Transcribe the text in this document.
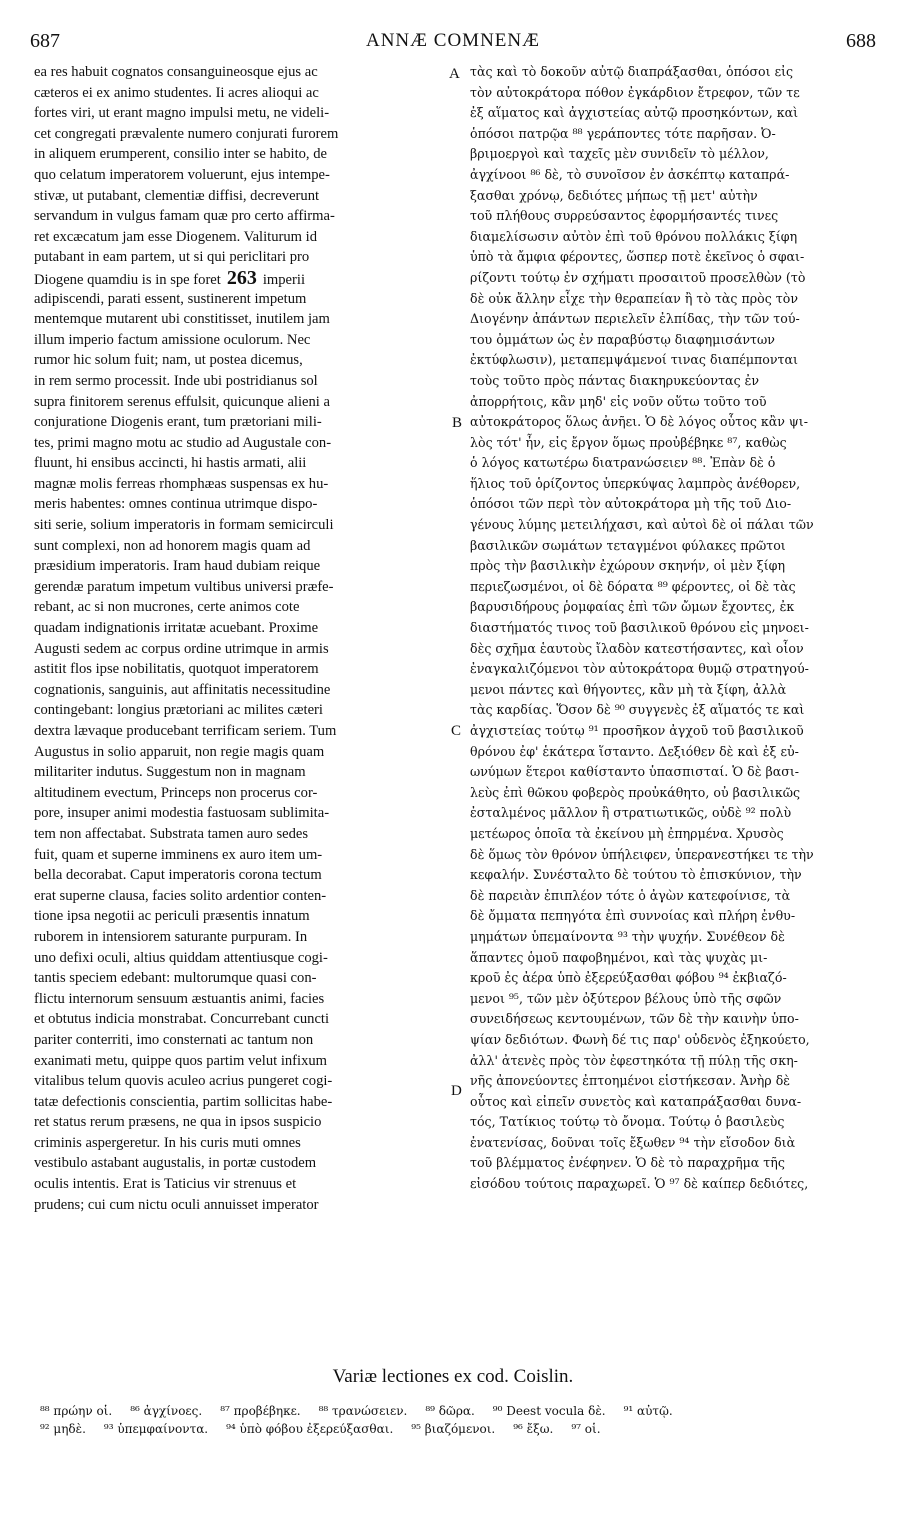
687	ANNÆ COMNENÆ	688
ea res habuit cognatos consanguineosque ejus ac
cæteros ei ex animo studentes. Ii acres alioqui ac
fortes viri, ut erant magno impulsi metu, ne videli-
cet congregati prævalente numero conjurati furorem
in aliquem erumperent, consilio inter se habito, de
quo celatum imperatorem voluerunt, ejus intempe-
stivæ, ut putabant, clementiæ diffisi, decreverunt
servandum in vulgus famam quæ pro certo affirma-
ret excæcatum jam esse Diogenem. Valiturum id
putabant in eam partem, ut si qui periclitari pro
Diogene quamdiu is in spe foret 263 imperii
adipiscendi, parati essent, sustinerent impetum
mentemque mutarent ubi constitisset, inutilem jam
illum imperio factum amissione oculorum. Nec
rumor hic solum fuit; nam, ut postea dicemus,
in rem sermo processit. Inde ubi postridianus sol
supra finitorem serenus effulsit, quicunque alieni a
conjuratione Diogenis erant, tum prætoriani mili-
tes, primi magno motu ac studio ad Augustale con-
fluunt, hi ensibus accincti, hi hastis armati, alii
magnæ molis ferreas rhomphæas suspensas ex hu-
meris habentes: omnes continua utrimque dispo-
siti serie, solium imperatoris in formam semicirculi
sunt complexi, non ad honorem magis quam ad
præsidium imperatoris. Iram haud dubiam reique
gerendæ paratum impetum vultibus universi præfe-
rebant, ac si non mucrones, certe animos cote
quadam indignationis irritatæ acuebant. Proxime
Augusti sedem ac corpus ordine utrimque in armis
astitit flos ipse nobilitatis, quotquot imperatorem
cognationis, sanguinis, aut affinitatis necessitudine
contingebant: longius prætoriani ac milites cæteri
dextra lævaque producebant terrificam seriem. Tum
Augustus in solio apparuit, non regie magis quam
militariter indutus. Suggestum non in magnam
altitudinem evectum, Princeps non procerus cor-
pore, insuper animi modestia fastuosam sublimita-
tem non affectabat. Substrata tamen auro sedes
fuit, quam et superne imminens ex auro item um-
bella decorabat. Caput imperatoris corona tectum
erat superne clausa, facies solito ardentior conten-
tione ipsa negotii ac periculi præsentis innatum
ruborem in intensiorem saturante purpuram. In
uno defixi oculi, altius quiddam attentiusque cogi-
tantis speciem edebant: multorumque quasi con-
flictu internorum sensuum æstuantis animi, facies
et obtutus indicia monstrabat. Concurrebant cuncti
pariter conterriti, imo consternati ac tantum non
exanimati metu, quippe quos partim velut infixum
vitalibus telum quovis aculeo acrius pungeret cogi-
tatæ defectionis conscientia, partim sollicitas habe-
ret status rerum præsens, ne qua in ipsos suspicio
criminis aspergeretur. In his curis muti omnes
vestibulo astabant augustalis, in portæ custodem
oculis intentis. Erat is Taticius vir strenuus et
prudens; cui cum nictu oculi annuisset imperator
τὰς καὶ τὸ δοκοῦν αὐτῷ διαπράξασθαι, ὁπόσοι εἰς
τὸν αὐτοκράτορα πόθον ἐγκάρδιον ἔτρεφον, τῶν τε
ἐξ αἵματος καὶ ἀγχιστείας αὐτῷ προσηκόντων, καὶ
ὁπόσοι πατρῷα ⁸⁸ γεράποντες τότε παρῆσαν. Ὀ-
βριμοεργοὶ καὶ ταχεῖς μὲν συνιδεῖν τὸ μέλλον,
ἀγχίνοοι ⁸⁶ δὲ, τὸ συνοῖσον ἐν ἀσκέπτῳ καταπρά-
ξασθαι χρόνῳ, δεδιότες μήπως τῇ μετ' αὐτὴν
τοῦ πλήθους συρρεύσαντος ἐφορμήσαντές τινες
διαμελίσωσιν αὐτὸν ἐπὶ τοῦ θρόνου πολλάκις ξίφη
ὑπὸ τὰ ἄμφια φέροντες, ὥσπερ ποτὲ ἐκεῖνος ὁ σφαι-
ρίζοντι τούτῳ ἐν σχήματι προσαιτοῦ προσελθὼν (τὸ
δὲ οὐκ ἄλλην εἶχε τὴν θεραπείαν ἢ τὸ τὰς πρὸς τὸν
Διογένην ἀπάντων περιελεῖν ἐλπίδας, τὴν τῶν τού-
του ὀμμάτων ὡς ἐν παραβύστῳ διαφημισάντων
ἐκτύφλωσιν), μεταπεμψάμενοί τινας διαπέμπονται
τοὺς τοῦτο πρὸς πάντας διακηρυκεύοντας ἐν
ἀπορρήτοις, κἂν μηδ' εἰς νοῦν οὕτω τοῦτο τοῦ
αὐτοκράτορος ὅλως ἀνῆει. Ὁ δὲ λόγος οὗτος κἂν ψι-
λὸς τότ' ἦν, εἰς ἔργον ὅμως προὐβέβηκε ⁸⁷, καθὼς
ὁ λόγος κατωτέρω διατρανώσειεν ⁸⁸. Ἐπὰν δὲ ὁ
ἥλιος τοῦ ὁρίζοντος ὑπερκύψας λαμπρὸς ἀνέθορεν,
ὁπόσοι τῶν περὶ τὸν αὐτοκράτορα μὴ τῆς τοῦ Διο-
γένους λύμης μετειλήχασι, καὶ αὐτοὶ δὲ οἱ πάλαι τῶν
βασιλικῶν σωμάτων τεταγμένοι φύλακες πρῶτοι
πρὸς τὴν βασιλικὴν ἐχώρουν σκηνήν, οἱ μὲν ξίφη
περιεζωσμένοι, οἱ δὲ δόρατα ⁸⁹ φέροντες, οἱ δὲ τὰς
βαρυσιδήρους ῥομφαίας ἐπὶ τῶν ὤμων ἔχοντες, ἐκ
διαστήματός τινος τοῦ βασιλικοῦ θρόνου εἰς μηνοει-
δὲς σχῆμα ἑαυτοὺς ἴλαδὸν κατεστήσαντες, καὶ οἷον
ἐναγκαλιζόμενοι τὸν αὐτοκράτορα θυμῷ στρατηγού-
μενοι πάντες καὶ θήγοντες, κἂν μὴ τὰ ξίφη, ἀλλὰ
τὰς καρδίας. Ὅσον δὲ ⁹⁰ συγγενὲς ἐξ αἵματός τε καὶ
ἀγχιστείας τούτῳ ⁹¹ προσῆκον ἀγχοῦ τοῦ βασιλικοῦ
θρόνου ἐφ' ἑκάτερα ἵσταντο. Δεξιόθεν δὲ καὶ ἐξ εὐ-
ωνύμων ἕτεροι καθίσταντο ὑπασπισταί. Ὁ δὲ βασι-
λεὺς ἐπὶ θῶκου φοβερὸς προὐκάθητο, οὐ βασιλικῶς
ἐσταλμένος μᾶλλον ἢ στρατιωτικῶς, οὐδὲ ⁹² πολὺ
μετέωρος ὁποῖα τὰ ἐκείνου μὴ ἐπηρμένα. Χρυσὸς
δὲ ὅμως τὸν θρόνον ὑπήλειφεν, ὑπερανεστήκει τε τὴν
κεφαλήν. Συνέσταλτο δὲ τούτου τὸ ἐπισκύνιον, τὴν
δὲ παρειὰν ἐπιπλέον τότε ὁ ἀγὼν κατεφοίνισε, τὰ
δὲ ὄμματα πεπηγότα ἐπὶ συννοίας καὶ πλήρη ἐνθυ-
μημάτων ὑπεμαίνοντα ⁹³ τὴν ψυχήν. Συνέθεον δὲ
ἅπαντες ὁμοῦ παφοβημένοι, καὶ τὰς ψυχὰς μι-
κροῦ ἐς ἀέρα ὑπὸ ἐξερεύξασθαι φόβου ⁹⁴ ἐκβιαζό-
μενοι ⁹⁵, τῶν μὲν ὀξύτερον βέλους ὑπὸ τῆς σφῶν
συνειδήσεως κεντουμένων, τῶν δὲ τὴν καινὴν ὑπο-
ψίαν δεδιότων. Φωνὴ δέ τις παρ' οὐδενὸς ἐξηκούετο,
ἀλλ' ἀτενὲς πρὸς τὸν ἐφεστηκότα τῇ πύλῃ τῆς σκη-
νῆς ἀπονεύοντες ἐπτοημένοι εἱστήκεσαν. Ἀνὴρ δὲ
οὗτος καὶ εἰπεῖν συνετὸς καὶ καταπράξασθαι δυνα-
τός, Τατίκιος τούτῳ τὸ ὄνομα. Τούτῳ ὁ βασιλεὺς
ἐνατενίσας, δοῦναι τοῖς ἔξωθεν ⁹⁴ τὴν εἴσοδον διὰ
τοῦ βλέμματος ἐνέφηνεν. Ὁ δὲ τὸ παραχρῆμα τῆς
εἰσόδου τούτοις παραχωρεῖ. Ὁ ⁹⁷ δὲ καίπερ δεδιότες,
A
B
C
D
Variæ lectiones ex cod. Coislin.
⁸⁸ πρώην οἱ. ⁸⁶ ἀγχίνοες. ⁸⁷ προβέβηκε. ⁸⁸ τρανώσειεν. ⁸⁹ δῶρα. ⁹⁰ Deest vocula δὲ. ⁹¹ αὐτῷ.
⁹² μηδὲ. ⁹³ ὑπεμφαίνοντα. ⁹⁴ ὑπὸ φόβου ἐξερεύξασθαι. ⁹⁵ βιαζόμενοι. ⁹⁶ ἔξω. ⁹⁷ οἱ.
